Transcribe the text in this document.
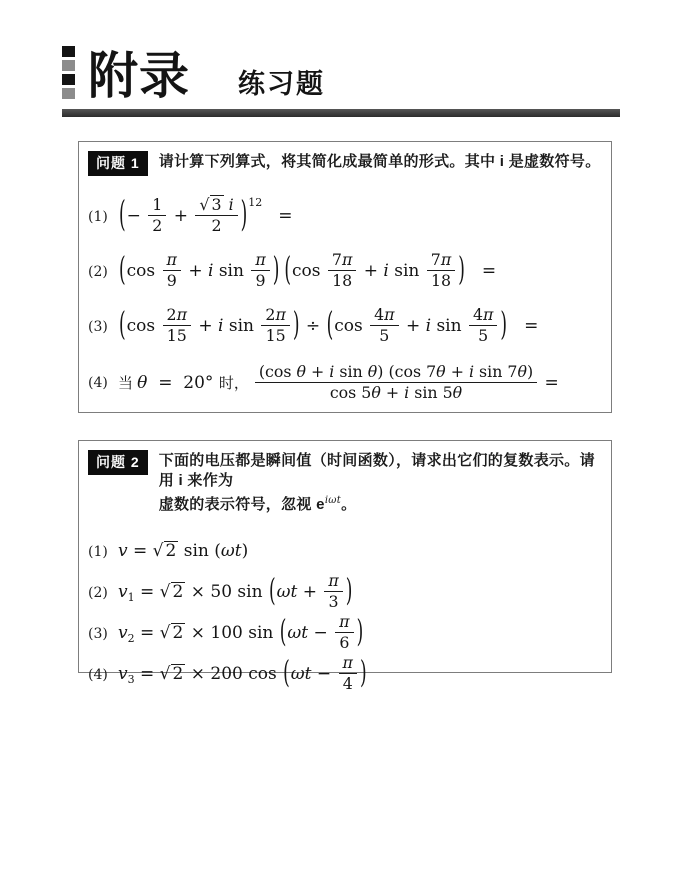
附录 练习题
问题 1	请计算下列算式，将其简化成最简单的形式。其中 i 是虚数符号。
(1) (− $\frac{1}{2} + \frac{√ 3 i}{2} )^{12}=$
(2) ($\cos \frac{\pi}{9} + i$ $\sin \frac{\pi}{9}$ ) ($\cos \frac{7\pi}{18} + i$ $\sin \frac{7\pi}{18}$ ) =
(3) ($\cos \frac{2\pi}{15} + i$ $\sin \frac{2\pi}{15}$ ) ÷ ($\cos \frac{4\pi}{5} + i$ $\sin \frac{4\pi}{5}$ ) =
(4) 当 θ  =  20° 时， $\frac{\text{(cos θ + i sin θ) (cos 7θ + i sin 7θ)}}{\text{cos 5θ + i sin 5θ}}$ =
问题 2	下面的电压都是瞬间值（时间函数），请求出它们的复数表示。请用 i 来作为
虚数的表示符号，忽视 $e^{i\omega t}$。
(1) v = √ 2 sin (ωt)
(2) $v_1$ = √ 2 × 50 $\sin (\omega t + \frac{\pi}{3}$ )
(3) $v_2$ = √ 2 × 100 $\sin (\omega t - \frac{\pi}{6}$ )
(4) $v_3$ = √ 2 × 200 $\cos (\omega t - \frac{\pi}{4}$ )
